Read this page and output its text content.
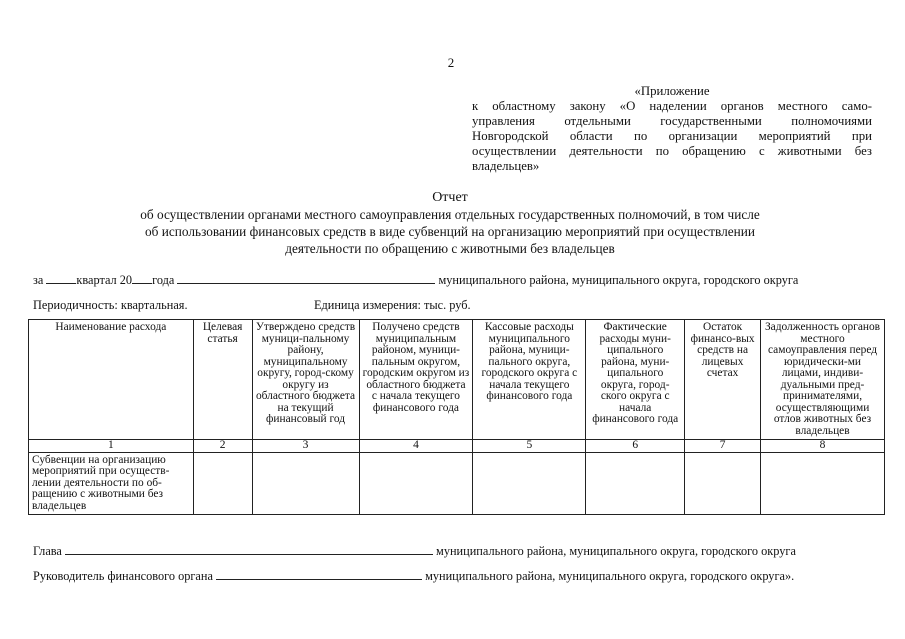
2
«Приложение
к областному закону «О наделении органов местного само-
управления отдельными государственными полномочиями
Новгородской области по организации мероприятий при
осуществлении деятельности по обращению с животными без
владельцев»
Отчет
об осуществлении органами местного самоуправления отдельных государственных полномочий, в том числе
об использовании финансовых средств в виде субвенций на организацию мероприятий при осуществлении
деятельности по обращению с животными без владельцев
за	квартал 20 года	муниципального района, муниципального округа, городского округа
Периодичность: квартальная.	Единица измерения: тыс. руб.
Наименование расхода	Целевая статья	Утверждено средств муници-пальному району, муниципальному округу, город-скому округу из областного бюджета на текущий финансовый год	Получено средств муниципальным районом, муници-пальным округом, городским округом из областного бюджета с начала текущего финансового года	Кассовые расходы муниципального района, муници-пального округа, городского округа с начала текущего финансового года	Фактические расходы муни-ципального района, муни-ципального округа, город-ского округа с начала финансового года	Остаток финансо-вых средств на лицевых счетах	Задолженность органов местного самоуправления перед юридически-ми лицами, индиви-дуальными пред-принимателями, осуществляющими отлов животных без владельцев
1	2	3	4	5	6	7	8
Субвенции на организацию мероприятий при осуществ-лении деятельности по об-ращению с животными без владельцев							
Глава	муниципального района, муниципального округа, городского округа
Руководитель финансового органа	муниципального района, муниципального округа, городского округа».
